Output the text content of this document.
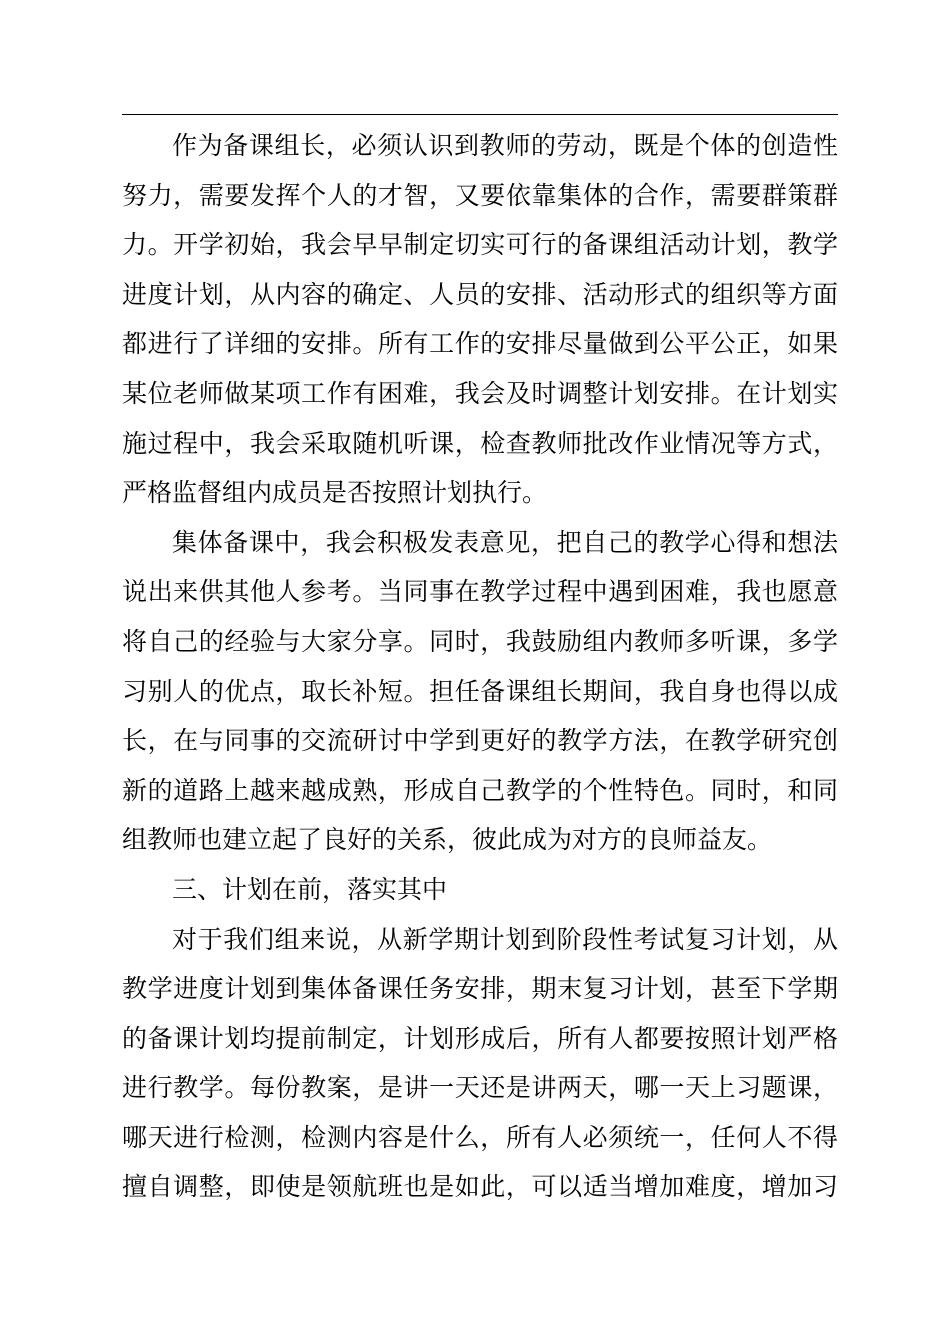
作为备课组长，必须认识到教师的劳动，既是个体的创造性
努力，需要发挥个人的才智，又要依靠集体的合作，需要群策群
力。开学初始，我会早早制定切实可行的备课组活动计划，教学
进度计划，从内容的确定、人员的安排、活动形式的组织等方面
都进行了详细的安排。所有工作的安排尽量做到公平公正，如果
某位老师做某项工作有困难，我会及时调整计划安排。在计划实
施过程中，我会采取随机听课，检查教师批改作业情况等方式，
严格监督组内成员是否按照计划执行。
集体备课中，我会积极发表意见，把自己的教学心得和想法
说出来供其他人参考。当同事在教学过程中遇到困难，我也愿意
将自己的经验与大家分享。同时，我鼓励组内教师多听课，多学
习别人的优点，取长补短。担任备课组长期间，我自身也得以成
长，在与同事的交流研讨中学到更好的教学方法，在教学研究创
新的道路上越来越成熟，形成自己教学的个性特色。同时，和同
组教师也建立起了良好的关系，彼此成为对方的良师益友。
三、计划在前，落实其中
对于我们组来说，从新学期计划到阶段性考试复习计划，从
教学进度计划到集体备课任务安排，期末复习计划，甚至下学期
的备课计划均提前制定，计划形成后，所有人都要按照计划严格
进行教学。每份教案，是讲一天还是讲两天，哪一天上习题课，
哪天进行检测，检测内容是什么，所有人必须统一，任何人不得
擅自调整，即使是领航班也是如此，可以适当增加难度，增加习
